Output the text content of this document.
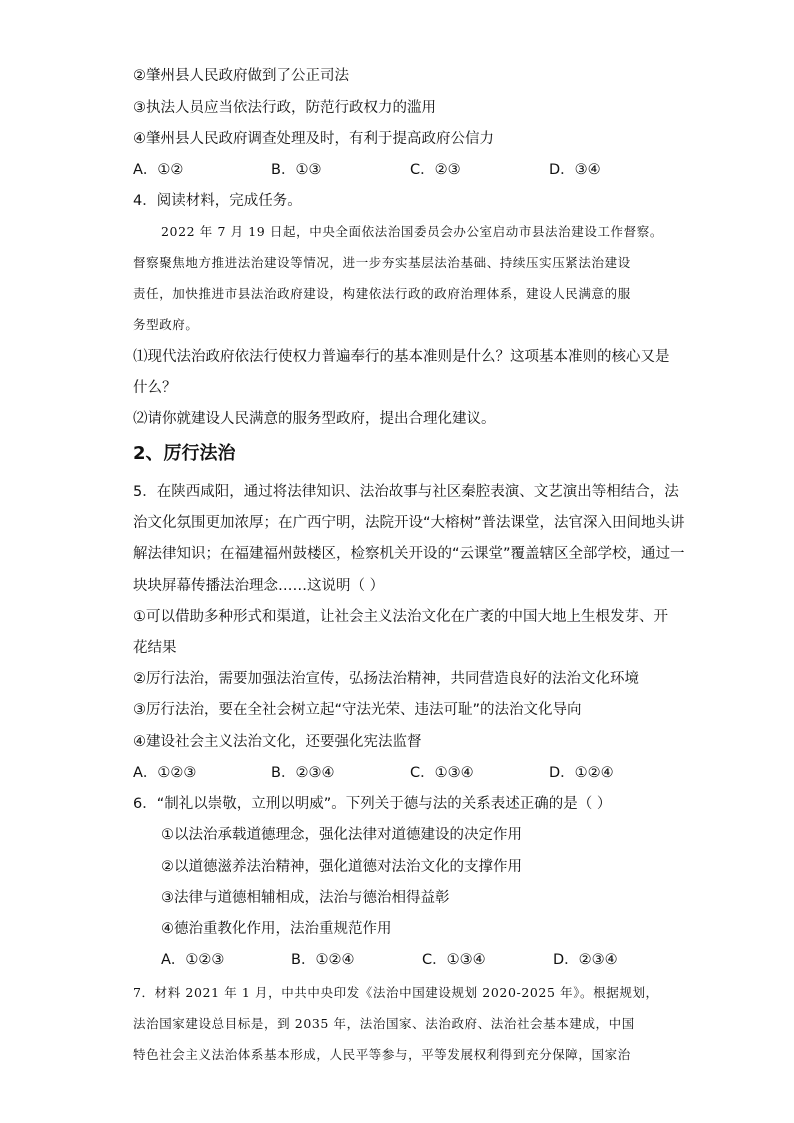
②肇州县人民政府做到了公正司法
③执法人员应当依法行政，防范行政权力的滥用
④肇州县人民政府调查处理及时，有利于提高政府公信力
A．①②	B．①③	C．②③	D．③④
4．阅读材料，完成任务。
2022 年 7 月 19 日起，中央全面依法治国委员会办公室启动市县法治建设工作督察。
督察聚焦地方推进法治建设等情况，进一步夯实基层法治基础、持续压实压紧法治建设
责任，加快推进市县法治政府建设，构建依法行政的政府治理体系，建设人民满意的服
务型政府。
⑴现代法治政府依法行使权力普遍奉行的基本准则是什么？这项基本准则的核心又是
什么？
⑵请你就建设人民满意的服务型政府，提出合理化建议。
2、厉行法治
5．在陕西咸阳，通过将法律知识、法治故事与社区秦腔表演、文艺演出等相结合，法
治文化氛围更加浓厚；在广西宁明，法院开设“大榕树”普法课堂，法官深入田间地头讲
解法律知识；在福建福州鼓楼区，检察机关开设的“云课堂”覆盖辖区全部学校，通过一
块块屏幕传播法治理念……这说明（ ）
①可以借助多种形式和渠道，让社会主义法治文化在广袤的中国大地上生根发芽、开
花结果
②厉行法治，需要加强法治宣传，弘扬法治精神，共同营造良好的法治文化环境
③厉行法治，要在全社会树立起“守法光荣、违法可耻”的法治文化导向
④建设社会主义法治文化，还要强化宪法监督
A．①②③	B．②③④	C．①③④	D．①②④
6．“制礼以崇敬，立刑以明威”。下列关于德与法的关系表述正确的是（ ）
①以法治承载道德理念，强化法律对道德建设的决定作用
②以道德滋养法治精神，强化道德对法治文化的支撑作用
③法律与道德相辅相成，法治与德治相得益彰
④德治重教化作用，法治重规范作用
A．①②③	B．①②④	C．①③④	D．②③④
7．材料 2021 年 1 月，中共中央印发《法治中国建设规划 2020-2025 年》。根据规划，
法治国家建设总目标是，到 2035 年，法治国家、法治政府、法治社会基本建成，中国
特色社会主义法治体系基本形成，人民平等参与，平等发展权利得到充分保障，国家治
